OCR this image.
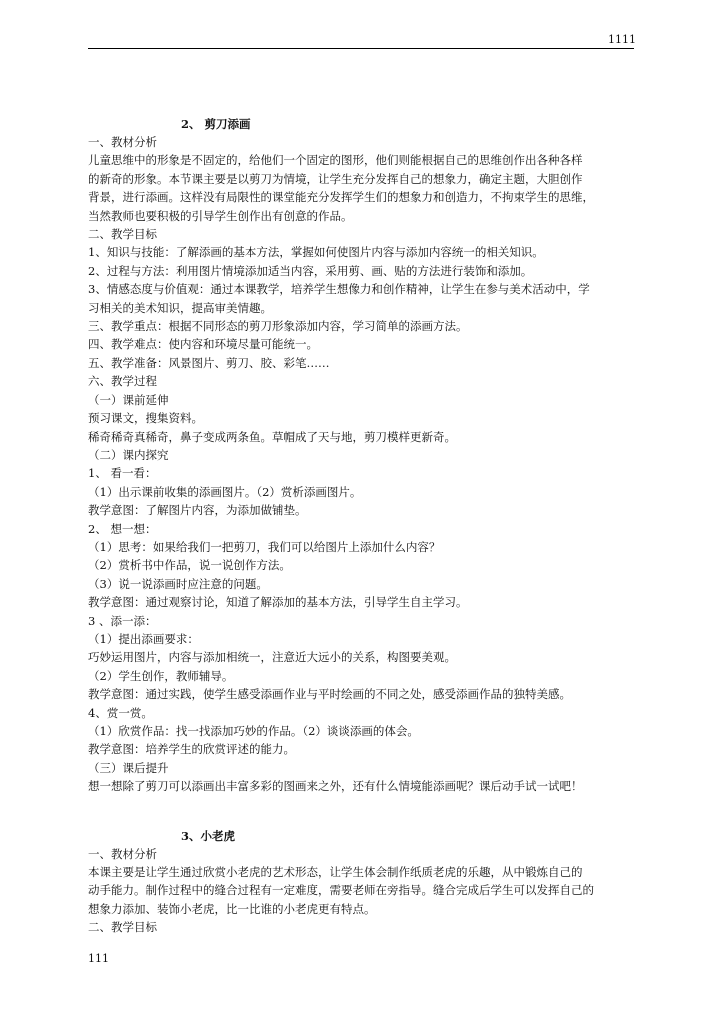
1111

2、 剪刀添画

一、教材分析

儿童思维中的形象是不固定的，给他们一个固定的图形，他们则能根据自己的思维创作出各种各样

的新奇的形象。本节课主要是以剪刀为情境，让学生充分发挥自己的想象力，确定主题，大胆创作

背景，进行添画。这样没有局限性的课堂能充分发挥学生们的想象力和创造力，不拘束学生的思维，

当然教师也要积极的引导学生创作出有创意的作品。

二、教学目标

1、知识与技能：了解添画的基本方法，掌握如何使图片内容与添加内容统一的相关知识。

2、过程与方法：利用图片情境添加适当内容，采用剪、画、贴的方法进行装饰和添加。

3、情感态度与价值观：通过本课教学，培养学生想像力和创作精神，让学生在参与美术活动中，学

习相关的美术知识，提高审美情趣。

三、教学重点：根据不同形态的剪刀形象添加内容，学习简单的添画方法。

四、教学难点：使内容和环境尽量可能统一。

五、教学准备：风景图片、剪刀、胶、彩笔……

六、教学过程

（一）课前延伸

预习课文，搜集资料。

稀奇稀奇真稀奇，鼻子变成两条鱼。草帽成了天与地，剪刀模样更新奇。

（二）课内探究

1、 看一看：

（1）出示课前收集的添画图片。（2）赏析添画图片。

教学意图：了解图片内容，为添加做铺垫。

2、 想一想：

（1）思考：如果给我们一把剪刀，我们可以给图片上添加什么内容？

（2）赏析书中作品，说一说创作方法。

（3）说一说添画时应注意的问题。

教学意图：通过观察讨论，知道了解添加的基本方法，引导学生自主学习。

3 、添一添：

（1）提出添画要求：

巧妙运用图片，内容与添加相统一，注意近大远小的关系，构图要美观。

（2）学生创作，教师辅导。

教学意图：通过实践，使学生感受添画作业与平时绘画的不同之处，感受添画作品的独特美感。

4、赏一赏。

（1）欣赏作品：找一找添加巧妙的作品。（2）谈谈添画的体会。

教学意图：培养学生的欣赏评述的能力。

（三）课后提升

想一想除了剪刀可以添画出丰富多彩的图画来之外，还有什么情境能添画呢？课后动手试一试吧！

3、小老虎

一、教材分析

本课主要是让学生通过欣赏小老虎的艺术形态，让学生体会制作纸质老虎的乐趣，从中锻炼自己的

动手能力。制作过程中的缝合过程有一定难度，需要老师在旁指导。缝合完成后学生可以发挥自己的

想象力添加、装饰小老虎，比一比谁的小老虎更有特点。

二、教学目标

111
